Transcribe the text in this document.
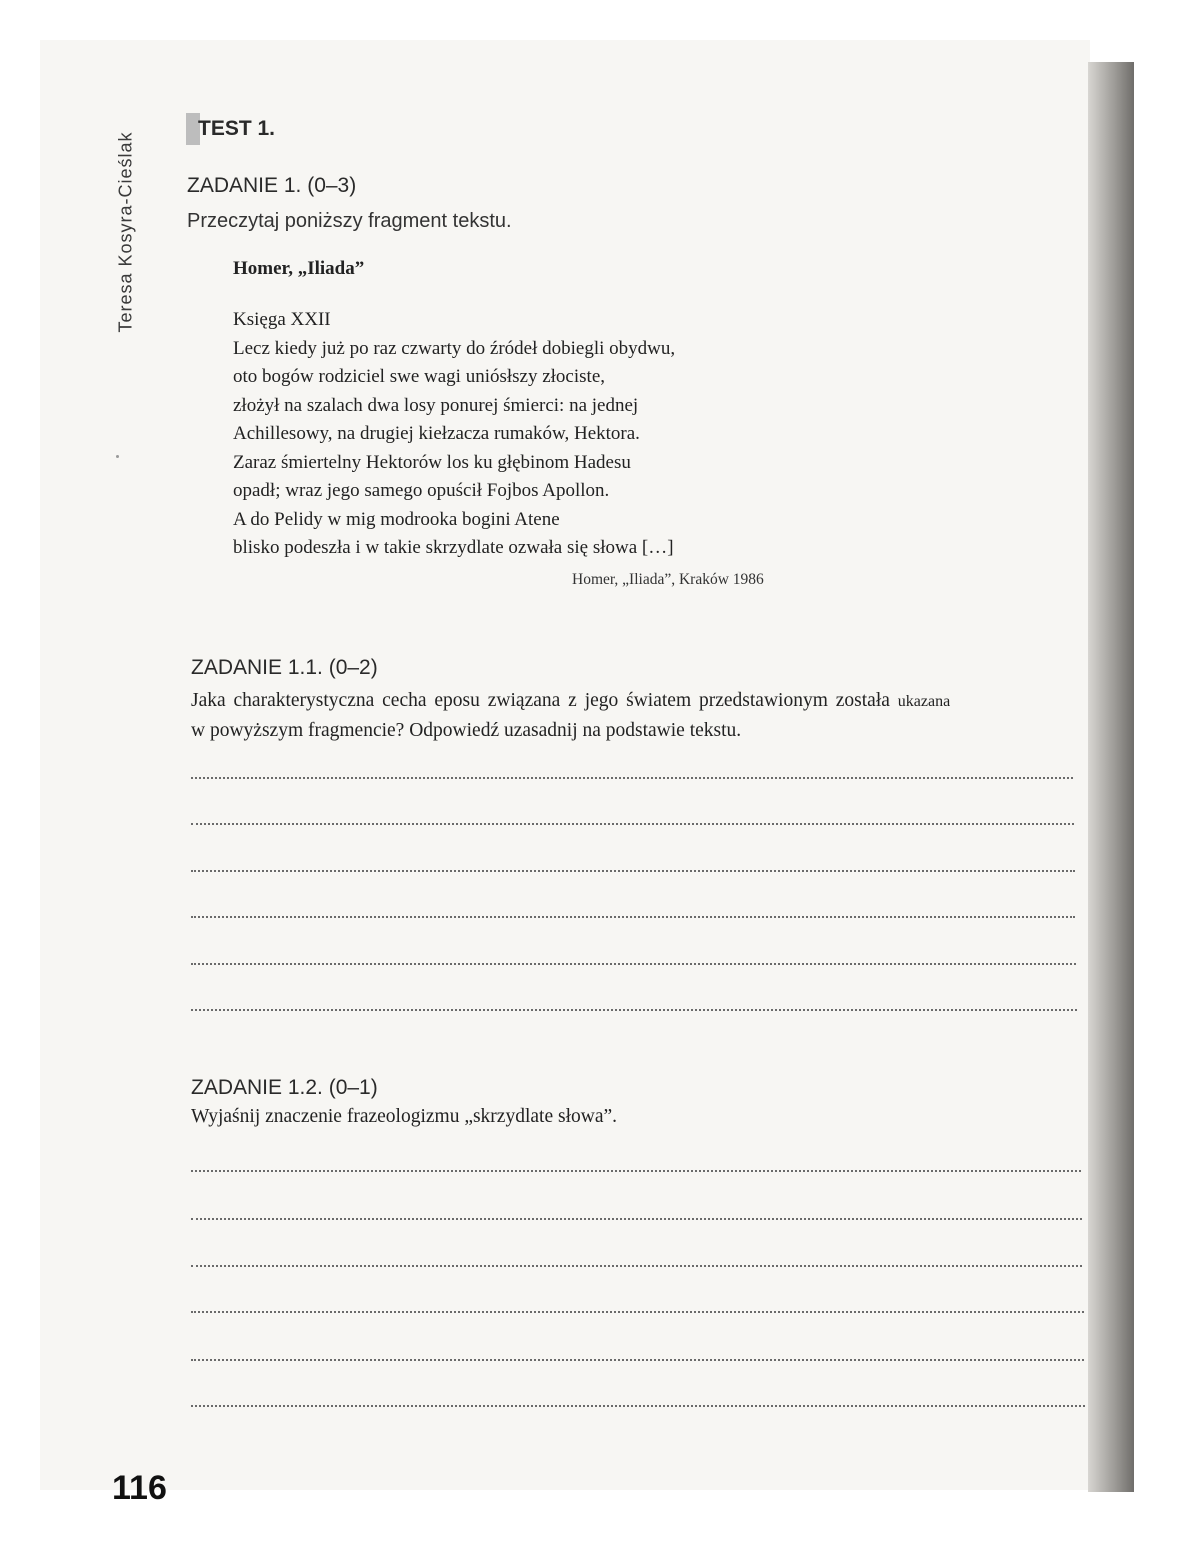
Teresa Kosyra-Cieślak
116
TEST 1.
ZADANIE 1. (0–3)
Przeczytaj poniższy fragment tekstu.
Homer, „Iliada”
Księga XXII
Lecz kiedy już po raz czwarty do źródeł dobiegli obydwu,
oto bogów rodziciel swe wagi uniósłszy złociste,
złożył na szalach dwa losy ponurej śmierci: na jednej
Achillesowy, na drugiej kiełzacza rumaków, Hektora.
Zaraz śmiertelny Hektorów los ku głębinom Hadesu
opadł; wraz jego samego opuścił Fojbos Apollon.
A do Pelidy w mig modrooka bogini Atene
blisko podeszła i w takie skrzydlate ozwała się słowa […]
Homer, „Iliada”, Kraków 1986
ZADANIE 1.1. (0–2)
Jaka charakterystyczna cecha eposu związana z jego światem przedstawionym została ukazana
w powyższym fragmencie? Odpowiedź uzasadnij na podstawie tekstu.
ZADANIE 1.2. (0–1)
Wyjaśnij znaczenie frazeologizmu „skrzydlate słowa”.
